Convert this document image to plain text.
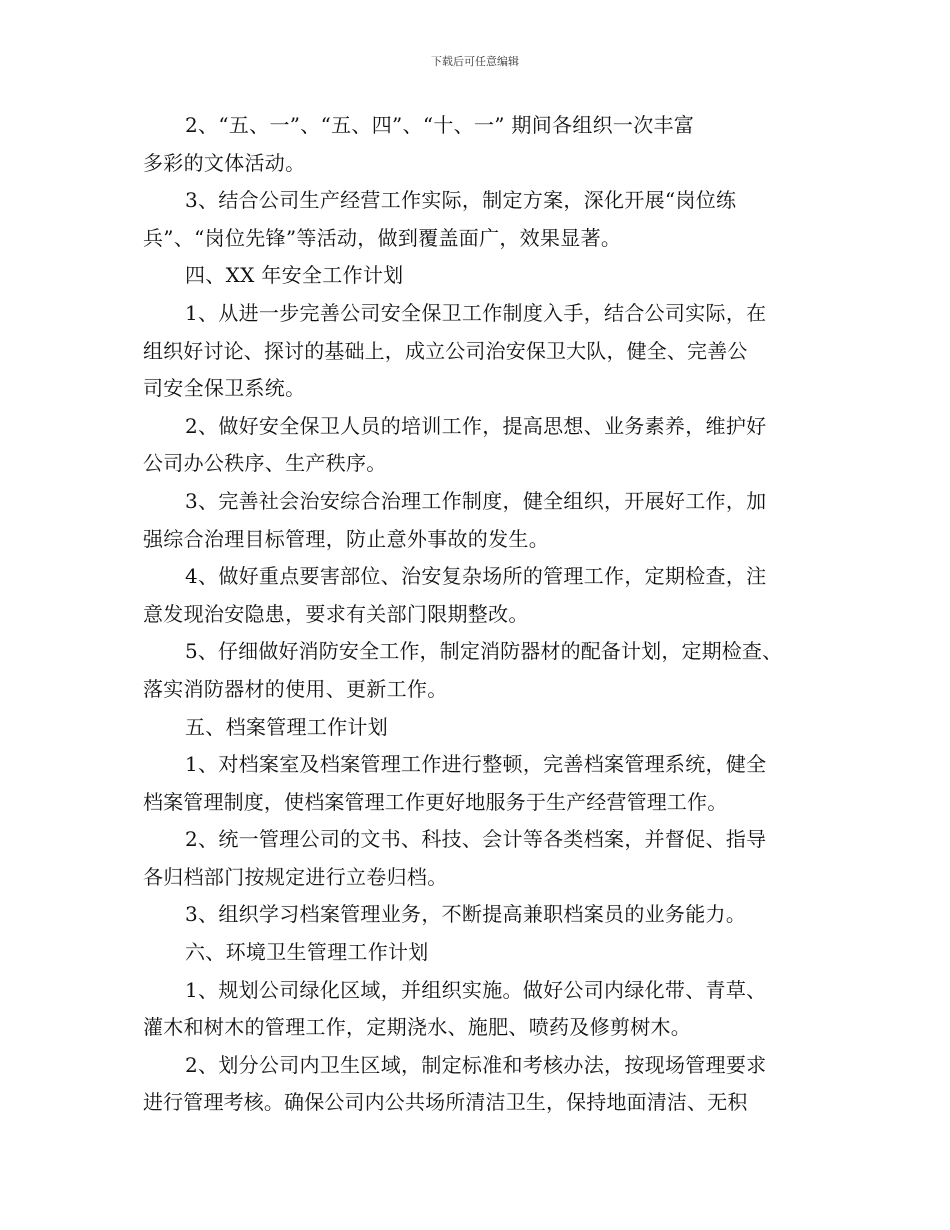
下载后可任意编辑
2、“五、一”、“五、四”、“十、一” 期间各组织一次丰富
多彩的文体活动。
3、结合公司生产经营工作实际，制定方案，深化开展“岗位练
兵”、“岗位先锋”等活动，做到覆盖面广，效果显著。
四、XX 年安全工作计划
1、从进一步完善公司安全保卫工作制度入手，结合公司实际，在
组织好讨论、探讨的基础上，成立公司治安保卫大队，健全、完善公
司安全保卫系统。
2、做好安全保卫人员的培训工作，提高思想、业务素养，维护好
公司办公秩序、生产秩序。
3、完善社会治安综合治理工作制度，健全组织，开展好工作，加
强综合治理目标管理，防止意外事故的发生。
4、做好重点要害部位、治安复杂场所的管理工作，定期检查，注
意发现治安隐患，要求有关部门限期整改。
5、仔细做好消防安全工作，制定消防器材的配备计划，定期检查、
落实消防器材的使用、更新工作。
五、档案管理工作计划
1、对档案室及档案管理工作进行整顿，完善档案管理系统，健全
档案管理制度，使档案管理工作更好地服务于生产经营管理工作。
2、统一管理公司的文书、科技、会计等各类档案，并督促、指导
各归档部门按规定进行立卷归档。
3、组织学习档案管理业务，不断提高兼职档案员的业务能力。
六、环境卫生管理工作计划
1、规划公司绿化区域，并组织实施。做好公司内绿化带、青草、
灌木和树木的管理工作，定期浇水、施肥、喷药及修剪树木。
2、划分公司内卫生区域，制定标准和考核办法，按现场管理要求
进行管理考核。确保公司内公共场所清洁卫生，保持地面清洁、无积
